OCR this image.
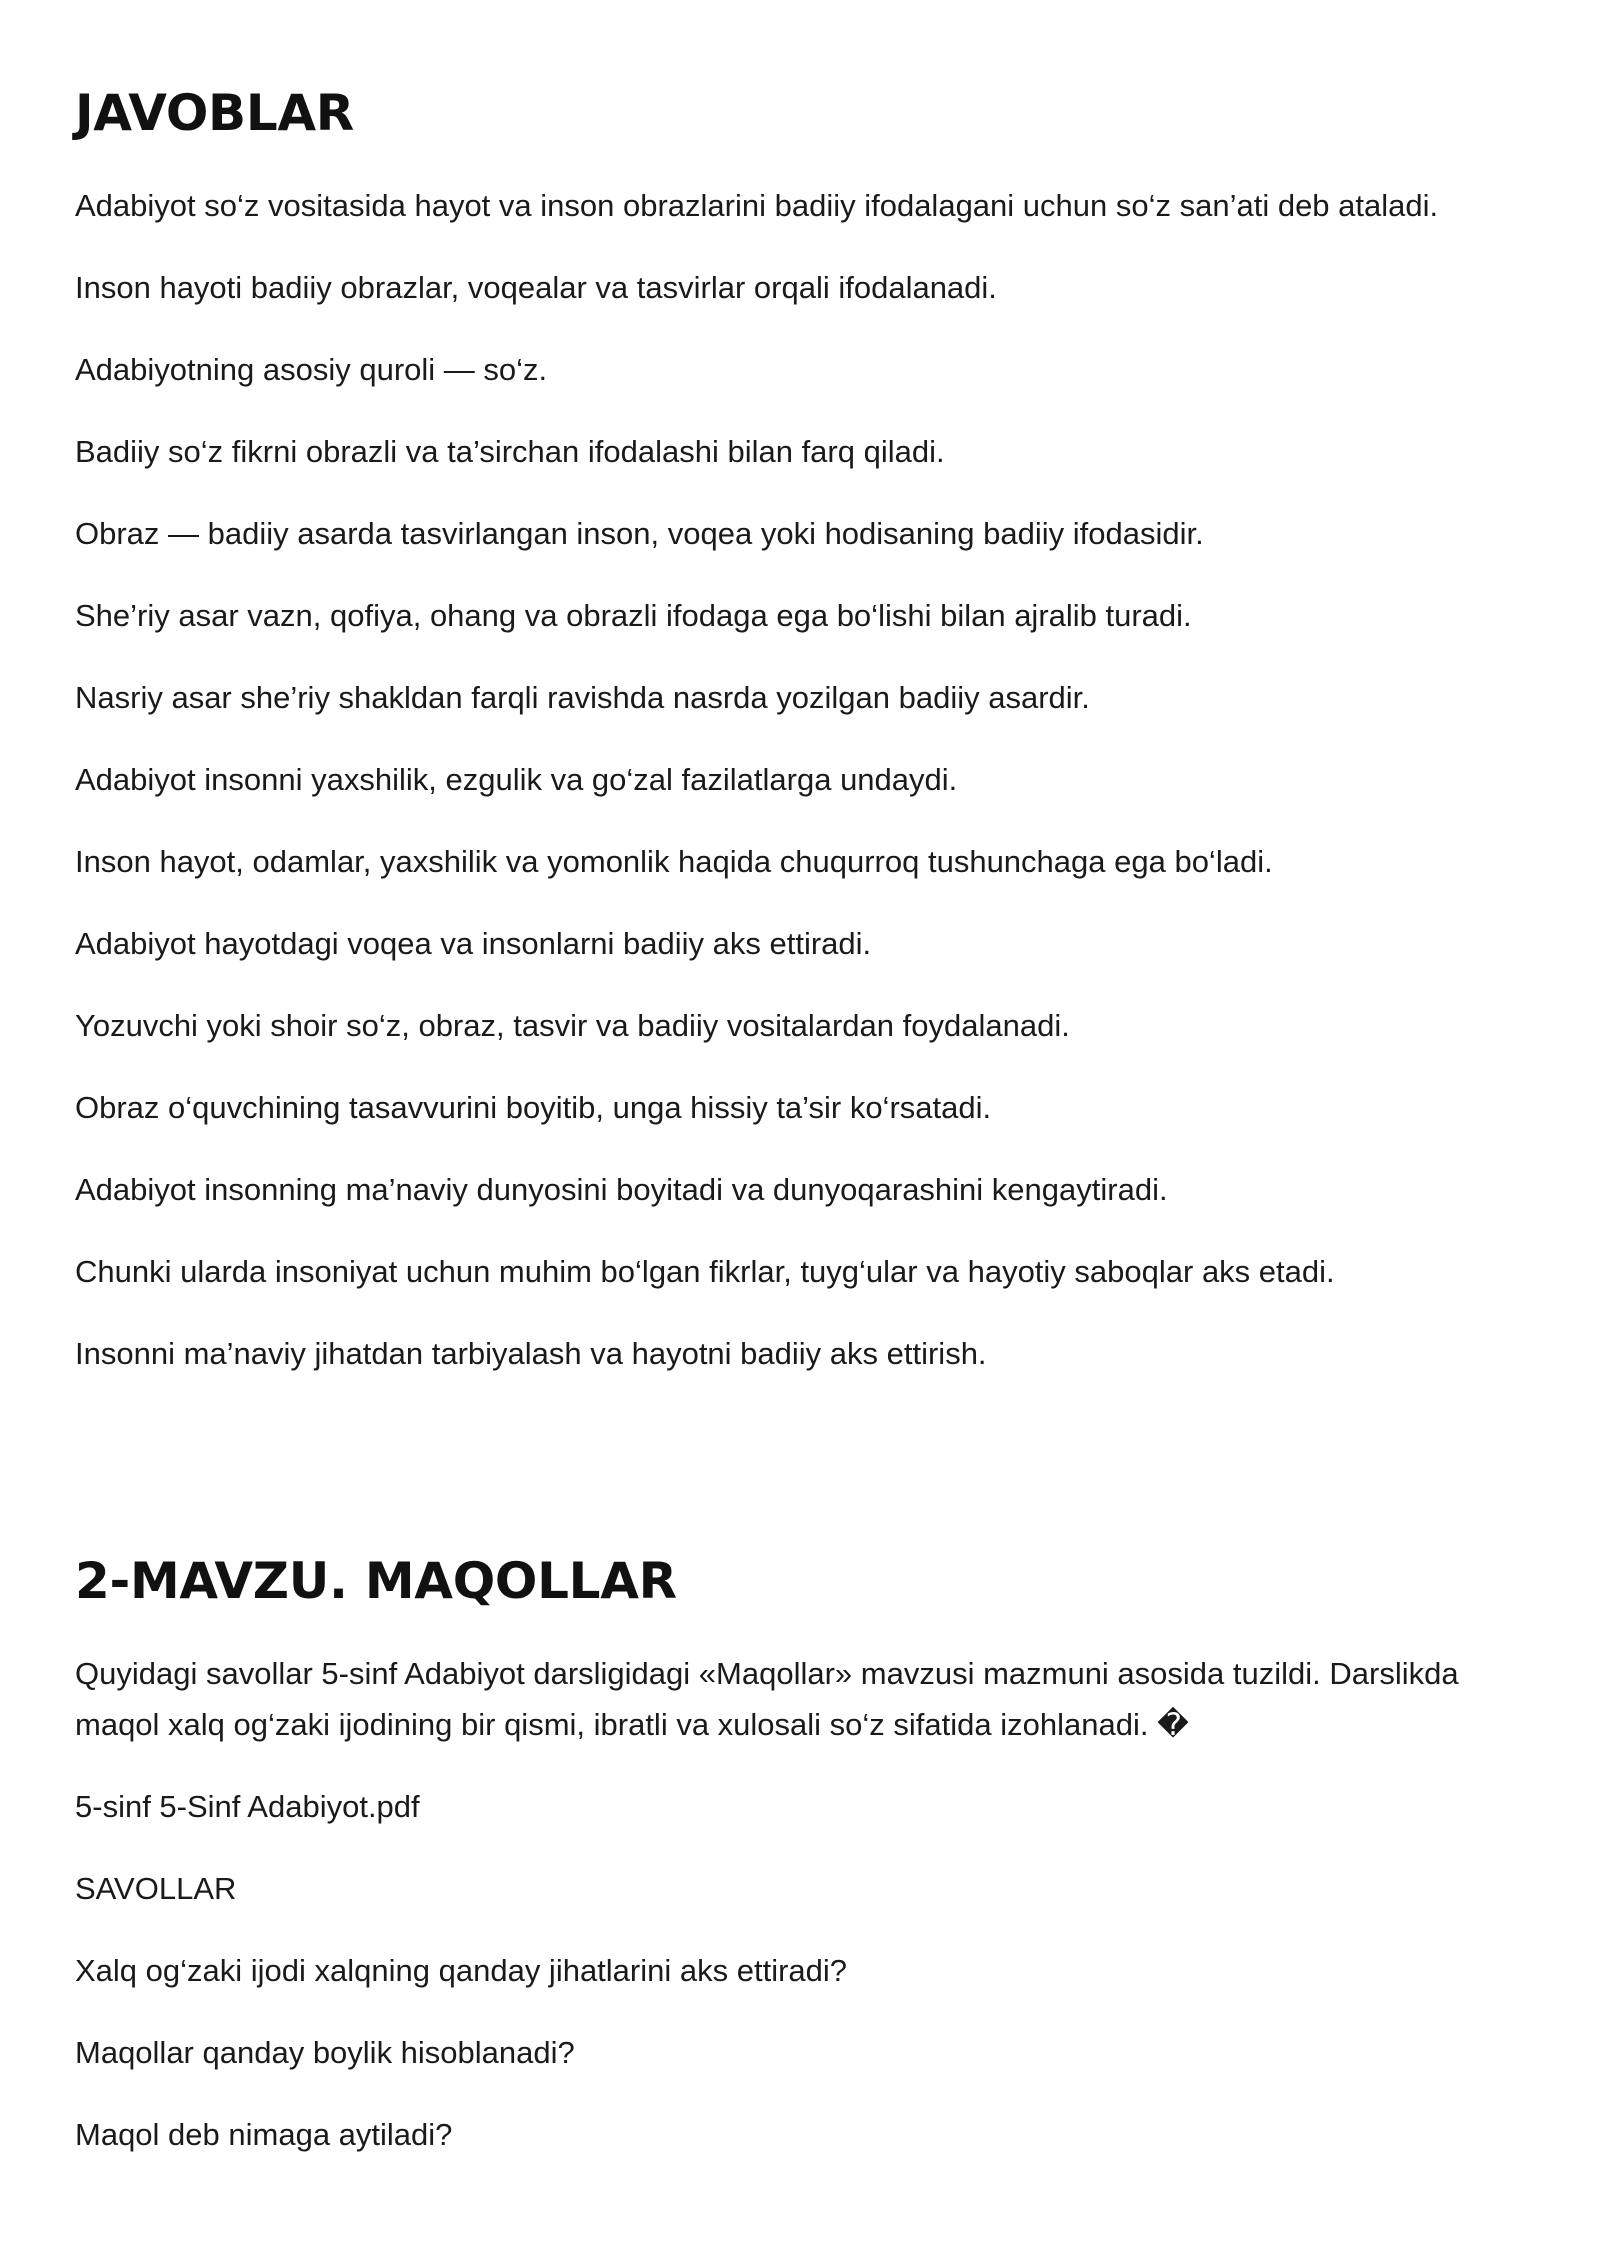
JAVOBLAR

Adabiyot so‘z vositasida hayot va inson obrazlarini badiiy ifodalagani uchun so‘z san’ati deb ataladi.

Inson hayoti badiiy obrazlar, voqealar va tasvirlar orqali ifodalanadi.

Adabiyotning asosiy quroli — so‘z.

Badiiy so‘z fikrni obrazli va ta’sirchan ifodalashi bilan farq qiladi.

Obraz — badiiy asarda tasvirlangan inson, voqea yoki hodisaning badiiy ifodasidir.

She’riy asar vazn, qofiya, ohang va obrazli ifodaga ega bo‘lishi bilan ajralib turadi.

Nasriy asar she’riy shakldan farqli ravishda nasrda yozilgan badiiy asardir.

Adabiyot insonni yaxshilik, ezgulik va go‘zal fazilatlarga undaydi.

Inson hayot, odamlar, yaxshilik va yomonlik haqida chuqurroq tushunchaga ega bo‘ladi.

Adabiyot hayotdagi voqea va insonlarni badiiy aks ettiradi.

Yozuvchi yoki shoir so‘z, obraz, tasvir va badiiy vositalardan foydalanadi.

Obraz o‘quvchining tasavvurini boyitib, unga hissiy ta’sir ko‘rsatadi.

Adabiyot insonning ma’naviy dunyosini boyitadi va dunyoqarashini kengaytiradi.

Chunki ularda insoniyat uchun muhim bo‘lgan fikrlar, tuyg‘ular va hayotiy saboqlar aks etadi.

Insonni ma’naviy jihatdan tarbiyalash va hayotni badiiy aks ettirish.

2-MAVZU. MAQOLLAR

Quyidagi savollar 5-sinf Adabiyot darsligidagi «Maqollar» mavzusi mazmuni asosida tuzildi. Darslikda maqol xalq og‘zaki ijodining bir qismi, ibratli va xulosali so‘z sifatida izohlanadi. �

5-sinf 5-Sinf Adabiyot.pdf

SAVOLLAR

Xalq og‘zaki ijodi xalqning qanday jihatlarini aks ettiradi?

Maqollar qanday boylik hisoblanadi?

Maqol deb nimaga aytiladi?
